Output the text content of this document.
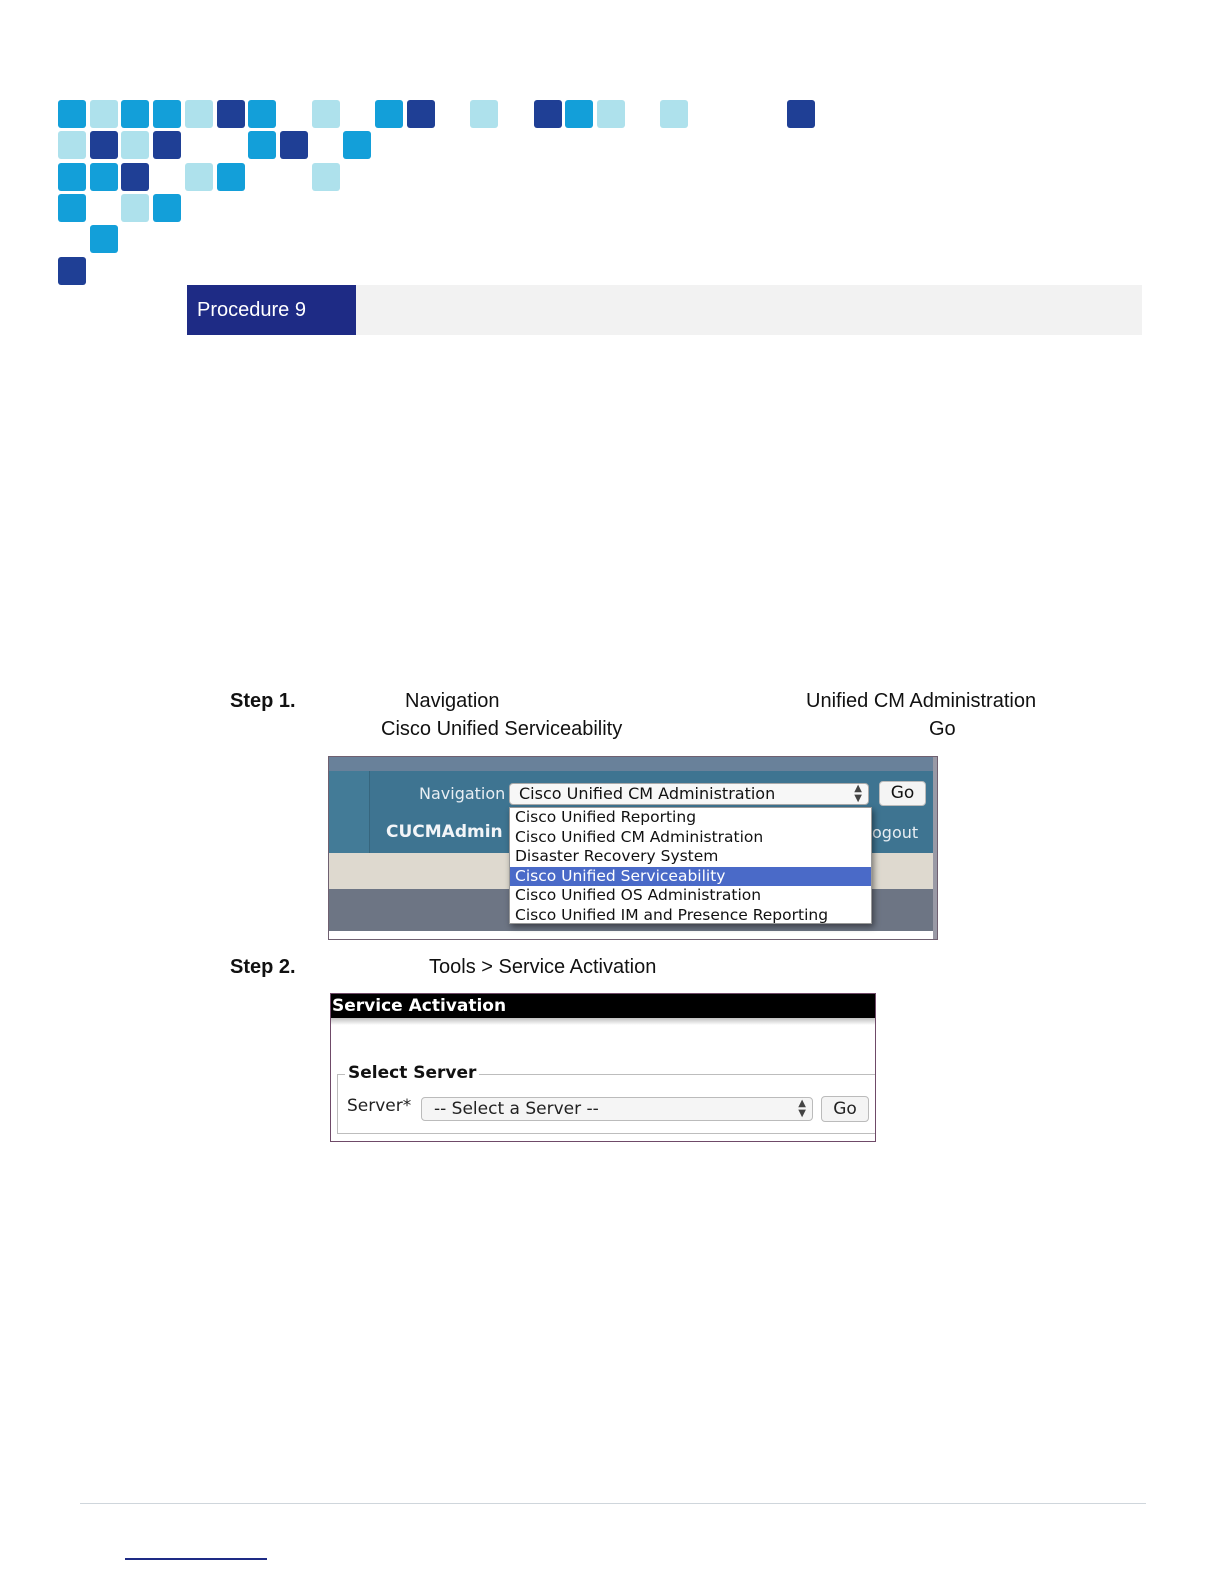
Procedure 9
Step 1.	Navigation	Unified CM Administration
Cisco Unified Serviceability	Go
Navigation Cisco Unified CM Administration	▲
▼	Go
CUCMAdmin	ogout
Cisco Unified Reporting
Cisco Unified CM Administration
Disaster Recovery System
Cisco Unified Serviceability
Cisco Unified OS Administration
Cisco Unified IM and Presence Reporting
Step 2.	Tools > Service Activation
Service Activation
Select Server
Server*	-- Select a Server --	▲
▼	Go
